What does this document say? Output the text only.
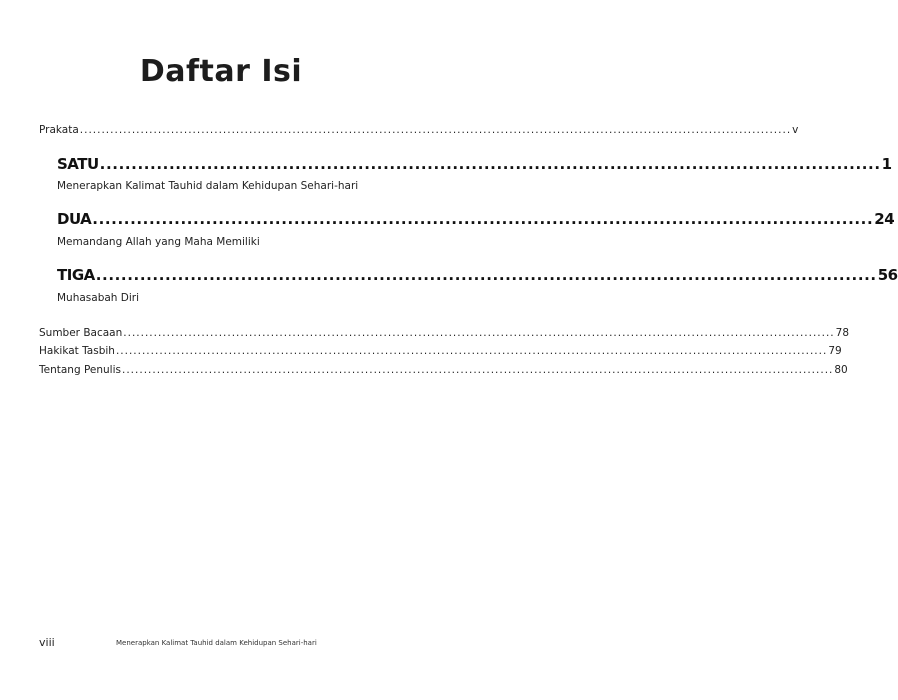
Daftar Isi
Prakata .................................................................................................................................................................... v
SATU ............................................................................................................................ 1
Menerapkan Kalimat Tauhid dalam Kehidupan Sehari-hari
DUA ............................................................................................................................ 24
Memandang Allah yang Maha Memiliki
TIGA ............................................................................................................................ 56
Muhasabah Diri
Sumber Bacaan .................................................................................................................................................................... 78
Hakikat Tasbih .................................................................................................................................................................... 79
Tentang Penulis .................................................................................................................................................................... 80
viii	Menerapkan Kalimat Tauhid dalam Kehidupan Sehari-hari
